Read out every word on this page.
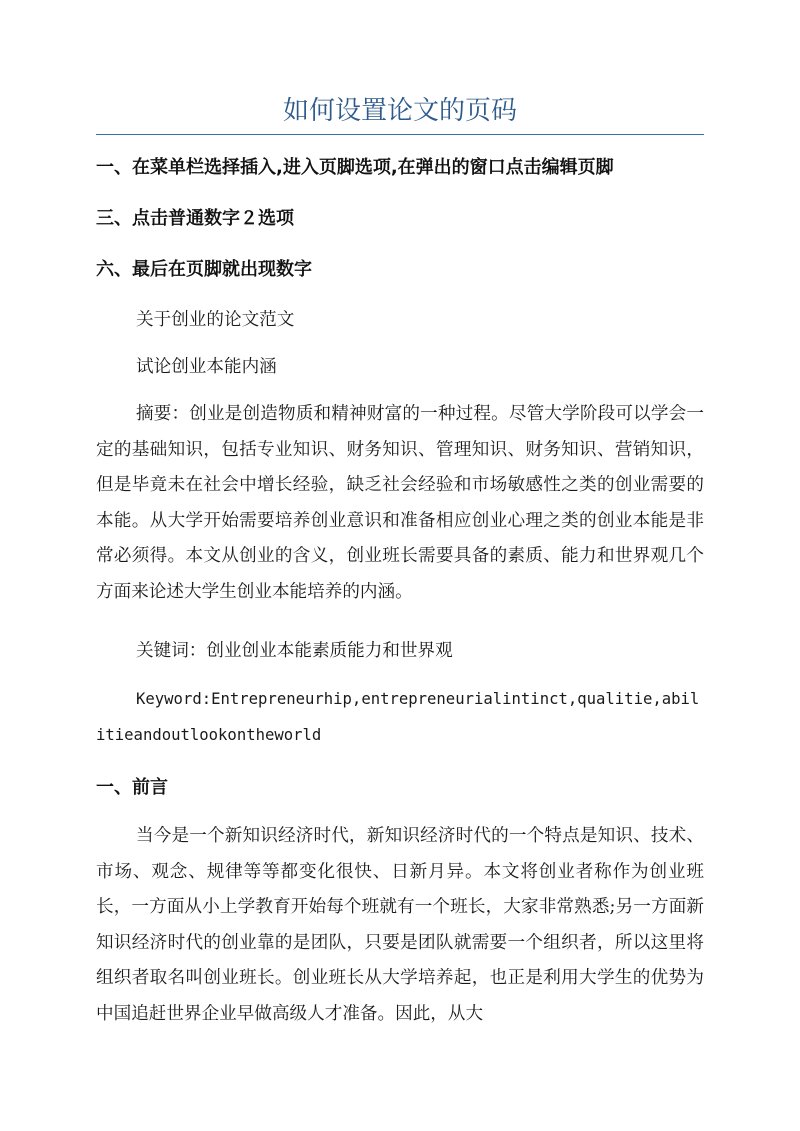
如何设置论文的页码
一、在菜单栏选择插入,进入页脚选项,在弹出的窗口点击编辑页脚
三、点击普通数字２选项
六、最后在页脚就出现数字
关于创业的论文范文
试论创业本能内涵
摘要：创业是创造物质和精神财富的一种过程。尽管大学阶段可以学会一定的基础知识，包括专业知识、财务知识、管理知识、财务知识、营销知识，但是毕竟未在社会中增长经验，缺乏社会经验和市场敏感性之类的创业需要的本能。从大学开始需要培养创业意识和准备相应创业心理之类的创业本能是非常必须得。本文从创业的含义，创业班长需要具备的素质、能力和世界观几个方面来论述大学生创业本能培养的内涵。
关键词：创业创业本能素质能力和世界观
Keyword:Entrepreneurhip,entrepreneurialintinct,qualitie,abilitieandoutlookontheworld
一、前言
当今是一个新知识经济时代，新知识经济时代的一个特点是知识、技术、市场、观念、规律等等都变化很快、日新月异。本文将创业者称作为创业班长，一方面从小上学教育开始每个班就有一个班长，大家非常熟悉;另一方面新知识经济时代的创业靠的是团队，只要是团队就需要一个组织者，所以这里将组织者取名叫创业班长。创业班长从大学培养起，也正是利用大学生的优势为中国追赶世界企业早做高级人才准备。因此，从大
